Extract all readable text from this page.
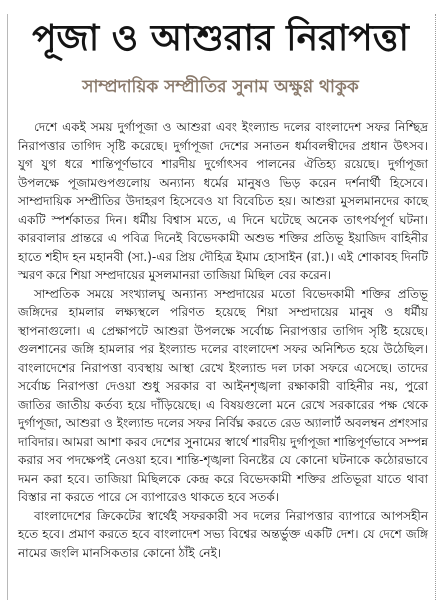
পূজা ও আশুরার নিরাপত্তা
সাম্প্রদায়িক সম্প্রীতির সুনাম অক্ষুণ্ণ থাকুক

দেশে একই সময় দুর্গাপূজা ও আশুরা এবং ইংল্যান্ড দলের বাংলাদেশ সফর নিশ্ছিদ্র নিরাপত্তার তাগিদ সৃষ্টি করেছে। দুর্গাপূজা দেশের সনাতন ধর্মাবলম্বীদের প্রধান উৎসব। যুগ যুগ ধরে শান্তিপূর্ণভাবে শারদীয় দুর্গোৎসব পালনের ঐতিহ্য রয়েছে। দুর্গাপূজা উপলক্ষে পূজামণ্ডপগুলোয় অন্যান্য ধর্মের মানুষও ভিড় করেন দর্শনার্থী হিসেবে। সাম্প্রদায়িক সম্প্রীতির উদাহরণ হিসেবেও যা বিবেচিত হয়। আশুরা মুসলমানদের কাছে একটি স্পর্শকাতর দিন। ধর্মীয় বিশ্বাস মতে, এ দিনে ঘটেছে অনেক তাৎপর্যপূর্ণ ঘটনা। কারবালার প্রান্তরে এ পবিত্র দিনেই বিভেদকামী অশুভ শক্তির প্রতিভূ ইয়াজিদ বাহিনীর হাতে শহীদ হন মহানবী (সা.)-এর প্রিয় দৌহিত্র ইমাম হোসাইন (রা.)। এই শোকাবহ দিনটি স্মরণ করে শিয়া সম্প্রদায়ের মুসলমানরা তাজিয়া মিছিল বের করেন।

সাম্প্রতিক সময়ে সংখ্যালঘু অন্যান্য সম্প্রদায়ের মতো বিভেদকামী শক্তির প্রতিভূ জঙ্গিদের হামলার লক্ষ্যস্থলে পরিণত হয়েছে শিয়া সম্প্রদায়ের মানুষ ও ধর্মীয় স্থাপনাগুলো। এ প্রেক্ষাপটে আশুরা উপলক্ষে সর্বোচ্চ নিরাপত্তার তাগিদ সৃষ্টি হয়েছে। গুলশানের জঙ্গি হামলার পর ইংল্যান্ড দলের বাংলাদেশ সফর অনিশ্চিত হয়ে উঠেছিল। বাংলাদেশের নিরাপত্তা ব্যবস্থায় আস্থা রেখে ইংল্যান্ড দল ঢাকা সফরে এসেছে। তাদের সর্বোচ্চ নিরাপত্তা দেওয়া শুধু সরকার বা আইনশৃঙ্খলা রক্ষাকারী বাহিনীর নয়, পুরো জাতির জাতীয় কর্তব্য হয়ে দাঁড়িয়েছে। এ বিষয়গুলো মনে রেখে সরকারের পক্ষ থেকে দুর্গাপূজা, আশুরা ও ইংল্যান্ড দলের সফর নির্বিঘ্ন করতে রেড অ্যালার্ট অবলম্বন প্রশংসার দাবিদার। আমরা আশা করব দেশের সুনামের স্বার্থে শারদীয় দুর্গাপূজা শান্তিপূর্ণভাবে সম্পন্ন করার সব পদক্ষেপই নেওয়া হবে। শান্তি-শৃঙ্খলা বিনষ্টের যে কোনো ঘটনাকে কঠোরভাবে দমন করা হবে। তাজিয়া মিছিলকে কেন্দ্র করে বিভেদকামী শক্তির প্রতিভূরা যাতে থাবা বিস্তার না করতে পারে সে ব্যাপারেও থাকতে হবে সতর্ক।

বাংলাদেশের ক্রিকেটের স্বার্থেই সফরকারী সব দলের নিরাপত্তার ব্যাপারে আপসহীন হতে হবে। প্রমাণ করতে হবে বাংলাদেশ সভ্য বিশ্বের অন্তর্ভুক্ত একটি দেশ। যে দেশে জঙ্গি নামের জংলি মানসিকতার কোনো ঠাঁই নেই।
